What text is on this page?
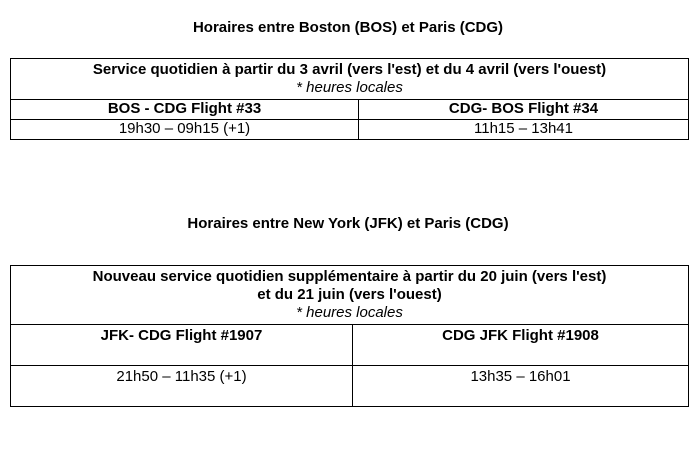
Horaires entre Boston (BOS) et Paris (CDG)
Service quotidien à partir du 3 avril (vers l'est) et du 4 avril (vers l'ouest)
* heures locales	

BOS - CDG Flight #33	CDG- BOS Flight #34

19h30 – 09h15 (+1)	11h15 – 13h41
Horaires entre New York (JFK) et Paris (CDG)
Nouveau service quotidien supplémentaire à partir du 20 juin (vers l'est)
et du 21 juin (vers l'ouest)
* heures locales	

JFK- CDG Flight #1907	CDG JFK Flight #1908

21h50 – 11h35 (+1)	13h35 – 16h01
